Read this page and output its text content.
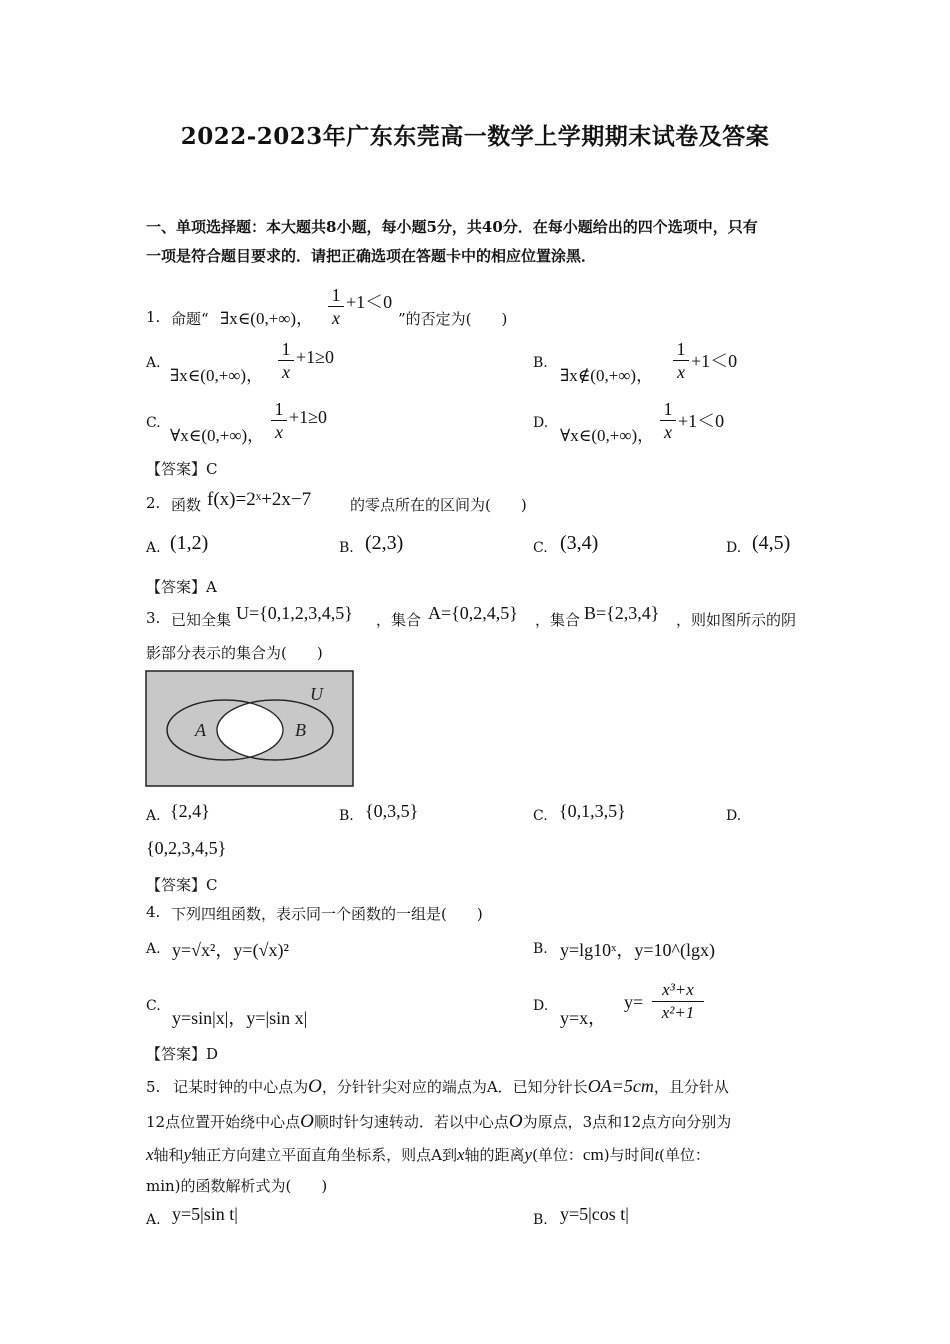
2022-2023年广东东莞高一数学上学期期末试卷及答案
一、单项选择题：本大题共8小题，每小题5分，共40分．在每小题给出的四个选项中，只有
一项是符合题目要求的．请把正确选项在答题卡中的相应位置涂黑．
1. 命题“ ∃x∈(0,+∞)，
1
x
+1＜0
”的否定为(　　)
A.
∃x∈(0,+∞)，
1
x
+1≥0	B.
∃x∉(0,+∞)，
1
x
+1＜0
C.
∀x∈(0,+∞)，
1
x
+1≥0	D.
∀x∈(0,+∞)，
1
x
+1＜0
【答案】C
2. 函数 f(x)=2ˣ+2x−7	的零点所在的区间为(　　)
A. (1,2)	B. (2,3)	C. (3,4)	D. (4,5)
【答案】A
3. 已知全集 U={0,1,2,3,4,5} ，集合 A={0,2,4,5} ，集合 B={2,3,4} ，则如图所示的阴
影部分表示的集合为(　　)
U
A	B
A. {2,4}	B. {0,3,5}	C. {0,1,3,5}	D.
{0,2,3,4,5}
【答案】C
4. 下列四组函数，表示同一个函数的一组是(　　)
A. y=√x²，y=(√x)²	B. y=lg10ˣ，y=10^(lgx)
C.
y=sin|x|，y=|sin x|
D.
y=x，
y=
x³+x
x²+1
【答案】D
5. 记某时钟的中心点为O，分针针尖对应的端点为A．已知分针长OA=5cm，且分针从
12点位置开始绕中心点O顺时针匀速转动．若以中心点O为原点，3点和12点方向分别为
x轴和y轴正方向建立平面直角坐标系，则点A到x轴的距离y(单位：cm)与时间t(单位：
min)的函数解析式为(　　)
A. y=5|sin t|	B. y=5|cos t|
